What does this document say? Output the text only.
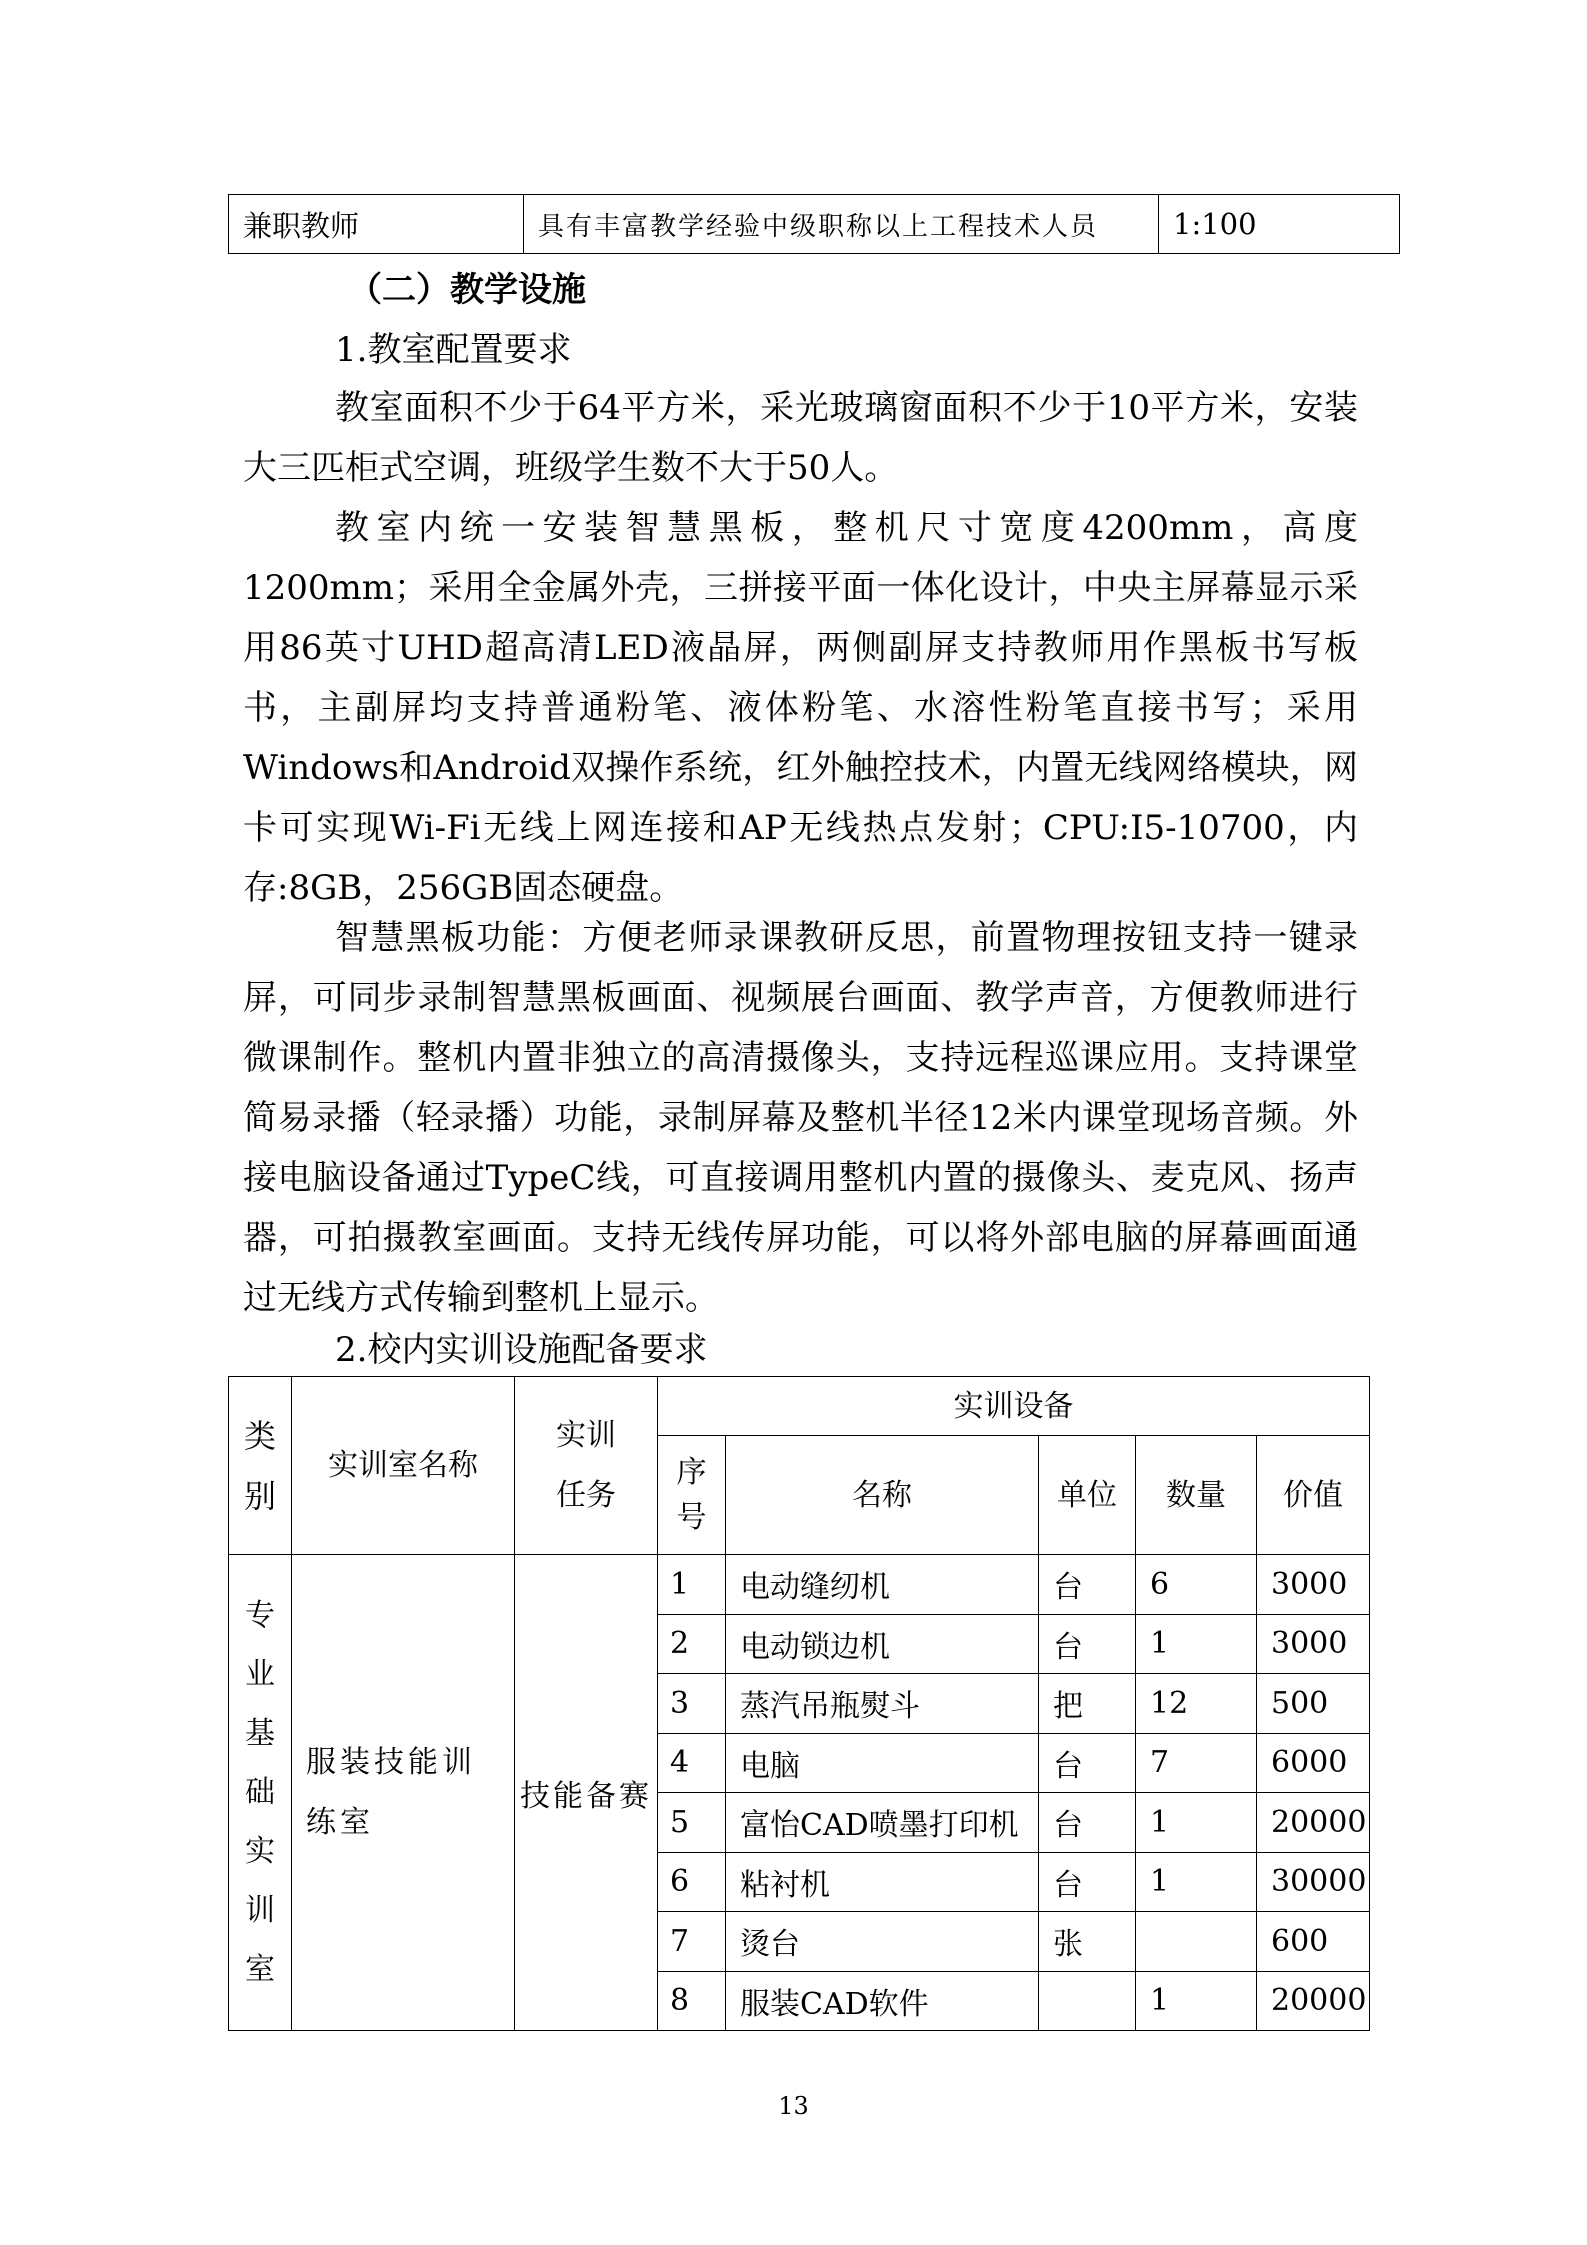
兼职教师	具有丰富教学经验中级职称以上工程技术人员	1:100
（二）教学设施
1.教室配置要求
教室面积不少于64平方米，采光玻璃窗面积不少于10平方米，安装大三匹柜式空调，班级学生数不大于50人。
教室内统一安装智慧黑板，整机尺寸宽度4200mm，高度1200mm；采用全金属外壳，三拼接平面一体化设计，中央主屏幕显示采用86英寸UHD超高清LED液晶屏，两侧副屏支持教师用作黑板书写板书，主副屏均支持普通粉笔、液体粉笔、水溶性粉笔直接书写；采用Windows和Android双操作系统，红外触控技术，内置无线网络模块，网卡可实现Wi-Fi无线上网连接和AP无线热点发射；CPU:I5-10700，内存:8GB，256GB固态硬盘。
智慧黑板功能：方便老师录课教研反思，前置物理按钮支持一键录屏，可同步录制智慧黑板画面、视频展台画面、教学声音，方便教师进行微课制作。整机内置非独立的高清摄像头，支持远程巡课应用。支持课堂简易录播（轻录播）功能，录制屏幕及整机半径12米内课堂现场音频。外接电脑设备通过TypeC线，可直接调用整机内置的摄像头、麦克风、扬声器，可拍摄教室画面。支持无线传屏功能，可以将外部电脑的屏幕画面通过无线方式传输到整机上显示。
2.校内实训设施配备要求
类别	实训室名称	实训任务	实训设备				

			序号	名称	单位	数量	价值

专业基础实训室	服装技能训练室	技能备赛	1	电动缝纫机	台	6	3000
			2	电动锁边机	台	1	3000
			3	蒸汽吊瓶熨斗	把	12	500
			4	电脑	台	7	6000
			5	富怡CAD喷墨打印机	台	1	20000
			6	粘衬机	台	1	30000
			7	烫台	张		600
			8	服装CAD软件		1	20000
13
